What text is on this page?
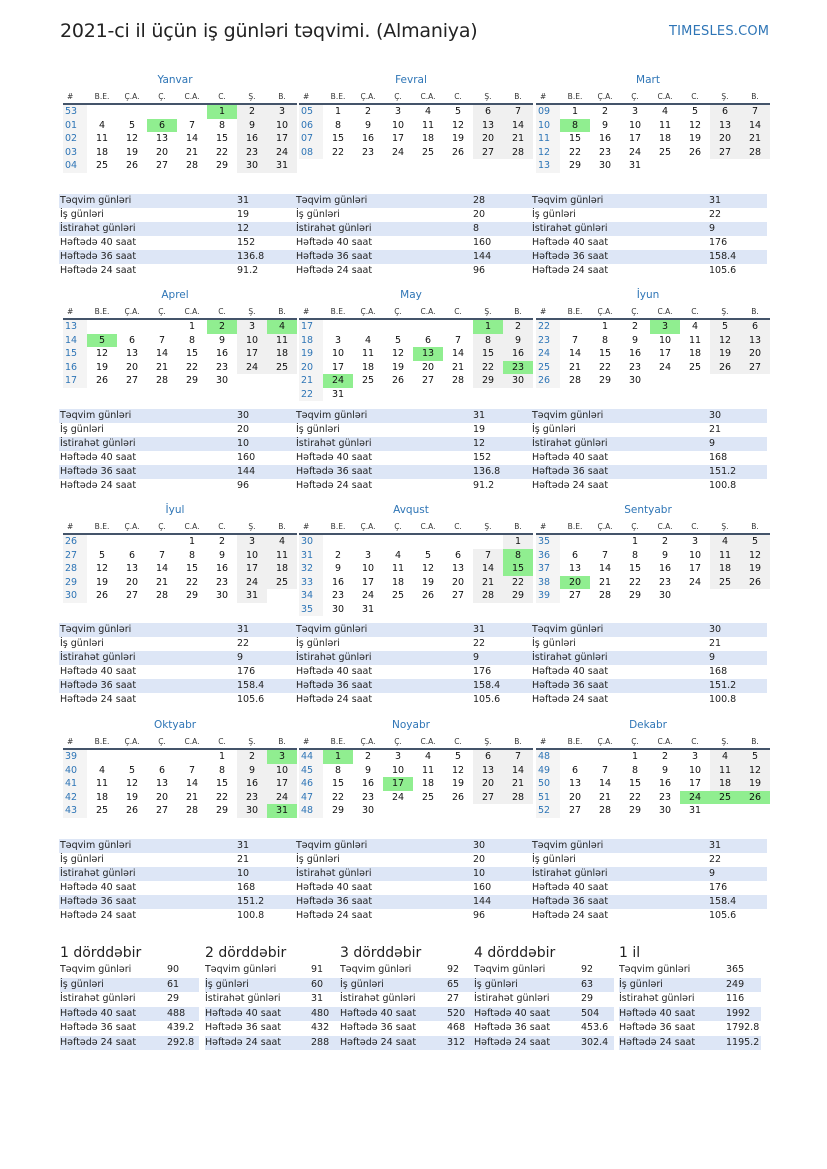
2021-ci il üçün iş günləri təqvimi. (Almaniya)	TIMESLES.COM
Yanvar
#	B.E.	Ç.A.	Ç.	C.A.	C.	Ş.	B.
53					1	2	3
01	4	5	6	7	8	9	10
02	11	12	13	14	15	16	17
03	18	19	20	21	22	23	24
04	25	26	27	28	29	30	31
Təqvim günləri	31
İş günləri	19
İstirahət günləri	12
Həftədə 40 saat	152
Həftədə 36 saat	136.8
Həftədə 24 saat	91.2
Fevral
#	B.E.	Ç.A.	Ç.	C.A.	C.	Ş.	B.
05	1	2	3	4	5	6	7
06	8	9	10	11	12	13	14
07	15	16	17	18	19	20	21
08	22	23	24	25	26	27	28
Təqvim günləri	28
İş günləri	20
İstirahət günləri	8
Həftədə 40 saat	160
Həftədə 36 saat	144
Həftədə 24 saat	96
Mart
#	B.E.	Ç.A.	Ç.	C.A.	C.	Ş.	B.
09	1	2	3	4	5	6	7
10	8	9	10	11	12	13	14
11	15	16	17	18	19	20	21
12	22	23	24	25	26	27	28
13	29	30	31				
Təqvim günləri	31
İş günləri	22
İstirahət günləri	9
Həftədə 40 saat	176
Həftədə 36 saat	158.4
Həftədə 24 saat	105.6
Aprel
#	B.E.	Ç.A.	Ç.	C.A.	C.	Ş.	B.
13				1	2	3	4
14	5	6	7	8	9	10	11
15	12	13	14	15	16	17	18
16	19	20	21	22	23	24	25
17	26	27	28	29	30		
Təqvim günləri	30
İş günləri	20
İstirahət günləri	10
Həftədə 40 saat	160
Həftədə 36 saat	144
Həftədə 24 saat	96
May
#	B.E.	Ç.A.	Ç.	C.A.	C.	Ş.	B.
17						1	2
18	3	4	5	6	7	8	9
19	10	11	12	13	14	15	16
20	17	18	19	20	21	22	23
21	24	25	26	27	28	29	30
22	31						
Təqvim günləri	31
İş günləri	19
İstirahət günləri	12
Həftədə 40 saat	152
Həftədə 36 saat	136.8
Həftədə 24 saat	91.2
İyun
#	B.E.	Ç.A.	Ç.	C.A.	C.	Ş.	B.
22		1	2	3	4	5	6
23	7	8	9	10	11	12	13
24	14	15	16	17	18	19	20
25	21	22	23	24	25	26	27
26	28	29	30				
Təqvim günləri	30
İş günləri	21
İstirahət günləri	9
Həftədə 40 saat	168
Həftədə 36 saat	151.2
Həftədə 24 saat	100.8
İyul
#	B.E.	Ç.A.	Ç.	C.A.	C.	Ş.	B.
26				1	2	3	4
27	5	6	7	8	9	10	11
28	12	13	14	15	16	17	18
29	19	20	21	22	23	24	25
30	26	27	28	29	30	31	
Təqvim günləri	31
İş günləri	22
İstirahət günləri	9
Həftədə 40 saat	176
Həftədə 36 saat	158.4
Həftədə 24 saat	105.6
Avqust
#	B.E.	Ç.A.	Ç.	C.A.	C.	Ş.	B.
30							1
31	2	3	4	5	6	7	8
32	9	10	11	12	13	14	15
33	16	17	18	19	20	21	22
34	23	24	25	26	27	28	29
35	30	31					
Təqvim günləri	31
İş günləri	22
İstirahət günləri	9
Həftədə 40 saat	176
Həftədə 36 saat	158.4
Həftədə 24 saat	105.6
Sentyabr
#	B.E.	Ç.A.	Ç.	C.A.	C.	Ş.	B.
35			1	2	3	4	5
36	6	7	8	9	10	11	12
37	13	14	15	16	17	18	19
38	20	21	22	23	24	25	26
39	27	28	29	30			
Təqvim günləri	30
İş günləri	21
İstirahət günləri	9
Həftədə 40 saat	168
Həftədə 36 saat	151.2
Həftədə 24 saat	100.8
Oktyabr
#	B.E.	Ç.A.	Ç.	C.A.	C.	Ş.	B.
39					1	2	3
40	4	5	6	7	8	9	10
41	11	12	13	14	15	16	17
42	18	19	20	21	22	23	24
43	25	26	27	28	29	30	31
Təqvim günləri	31
İş günləri	21
İstirahət günləri	10
Həftədə 40 saat	168
Həftədə 36 saat	151.2
Həftədə 24 saat	100.8
Noyabr
#	B.E.	Ç.A.	Ç.	C.A.	C.	Ş.	B.
44	1	2	3	4	5	6	7
45	8	9	10	11	12	13	14
46	15	16	17	18	19	20	21
47	22	23	24	25	26	27	28
48	29	30					
Təqvim günləri	30
İş günləri	20
İstirahət günləri	10
Həftədə 40 saat	160
Həftədə 36 saat	144
Həftədə 24 saat	96
Dekabr
#	B.E.	Ç.A.	Ç.	C.A.	C.	Ş.	B.
48			1	2	3	4	5
49	6	7	8	9	10	11	12
50	13	14	15	16	17	18	19
51	20	21	22	23	24	25	26
52	27	28	29	30	31		
Təqvim günləri	31
İş günləri	22
İstirahət günləri	9
Həftədə 40 saat	176
Həftədə 36 saat	158.4
Həftədə 24 saat	105.6
1 dörddəbir
Təqvim günləri	90
İş günləri	61
İstirahət günləri	29
Həftədə 40 saat	488
Həftədə 36 saat	439.2
Həftədə 24 saat	292.8
2 dörddəbir
Təqvim günləri	91
İş günləri	60
İstirahət günləri	31
Həftədə 40 saat	480
Həftədə 36 saat	432
Həftədə 24 saat	288
3 dörddəbir
Təqvim günləri	92
İş günləri	65
İstirahət günləri	27
Həftədə 40 saat	520
Həftədə 36 saat	468
Həftədə 24 saat	312
4 dörddəbir
Təqvim günləri	92
İş günləri	63
İstirahət günləri	29
Həftədə 40 saat	504
Həftədə 36 saat	453.6
Həftədə 24 saat	302.4
1 il
Təqvim günləri	365
İş günləri	249
İstirahət günləri	116
Həftədə 40 saat	1992
Həftədə 36 saat	1792.8
Həftədə 24 saat	1195.2
